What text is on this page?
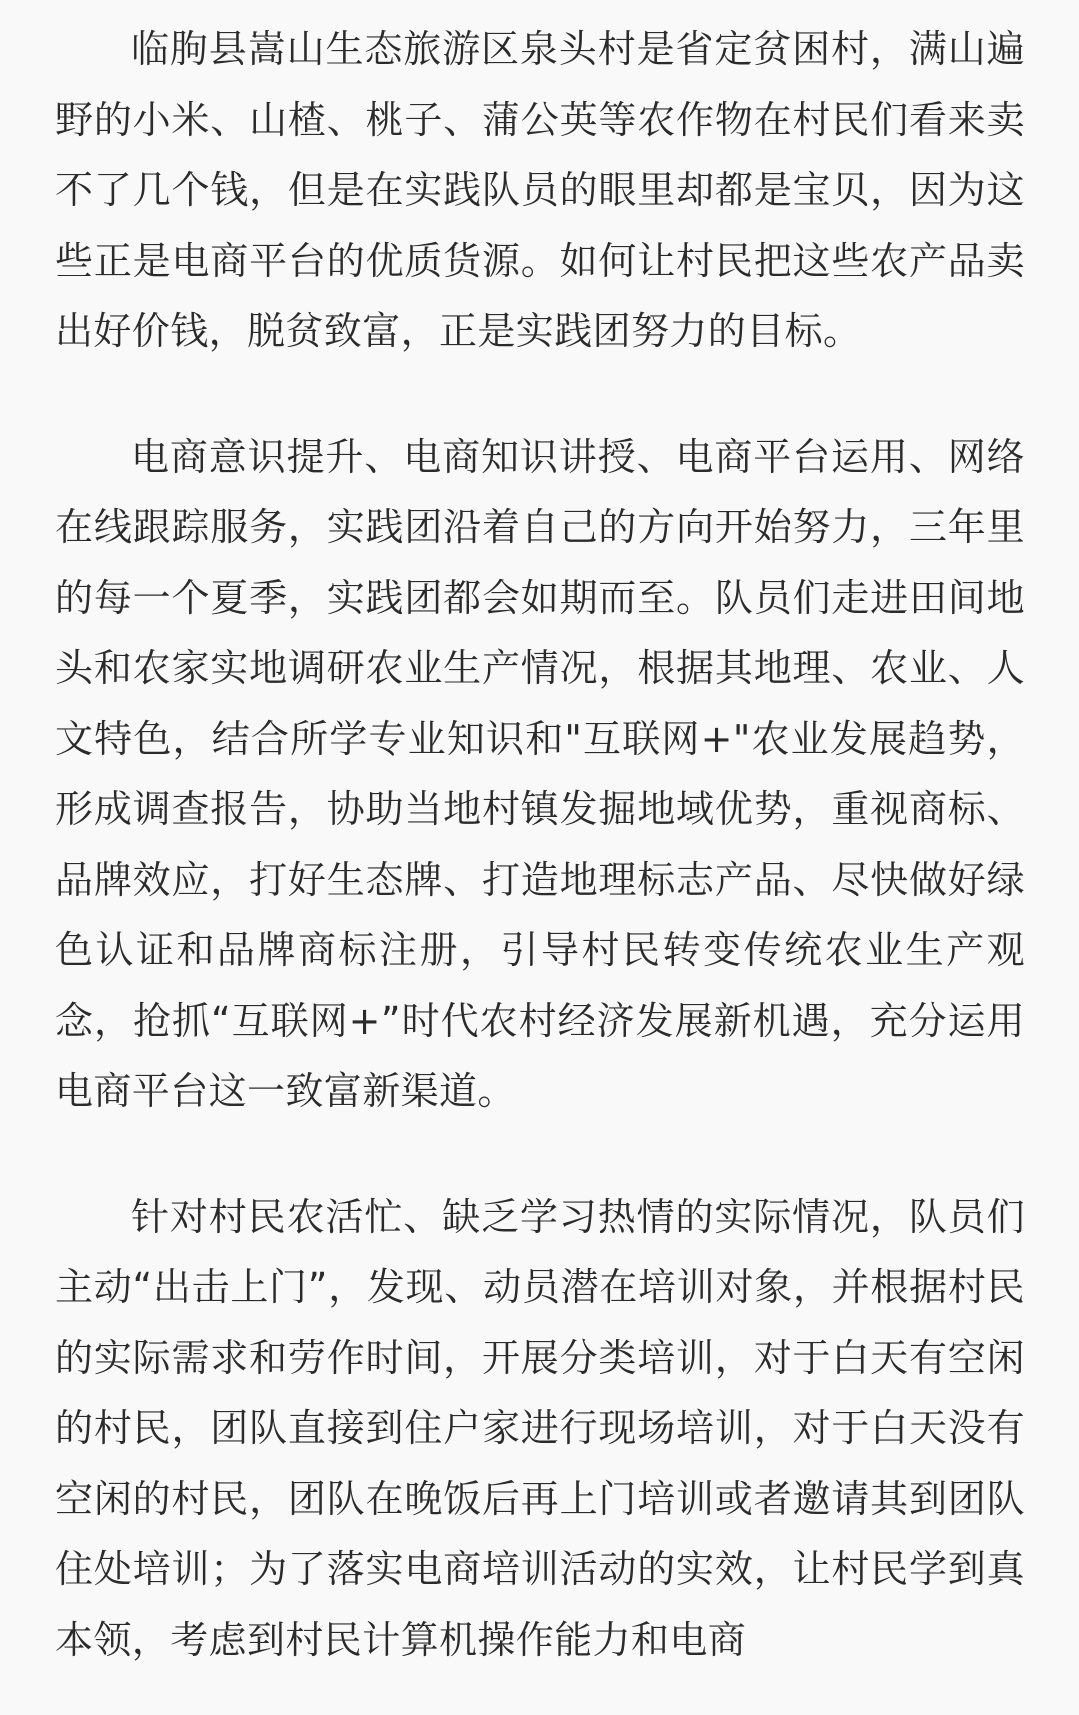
临朐县嵩山生态旅游区泉头村是省定贫困村，满山遍野的小米、山楂、桃子、蒲公英等农作物在村民们看来卖不了几个钱，但是在实践队员的眼里却都是宝贝，因为这些正是电商平台的优质货源。如何让村民把这些农产品卖出好价钱，脱贫致富，正是实践团努力的目标。

电商意识提升、电商知识讲授、电商平台运用、网络在线跟踪服务，实践团沿着自己的方向开始努力，三年里的每一个夏季，实践团都会如期而至。队员们走进田间地头和农家实地调研农业生产情况，根据其地理、农业、人文特色，结合所学专业知识和"互联网+"农业发展趋势，形成调查报告，协助当地村镇发掘地域优势，重视商标、品牌效应，打好生态牌、打造地理标志产品、尽快做好绿色认证和品牌商标注册，引导村民转变传统农业生产观念，抢抓“互联网+”时代农村经济发展新机遇，充分运用电商平台这一致富新渠道。

针对村民农活忙、缺乏学习热情的实际情况，队员们主动“出击上门”，发现、动员潜在培训对象，并根据村民的实际需求和劳作时间，开展分类培训，对于白天有空闲的村民，团队直接到住户家进行现场培训，对于白天没有空闲的村民，团队在晚饭后再上门培训或者邀请其到团队住处培训；为了落实电商培训活动的实效，让村民学到真本领，考虑到村民计算机操作能力和电商
